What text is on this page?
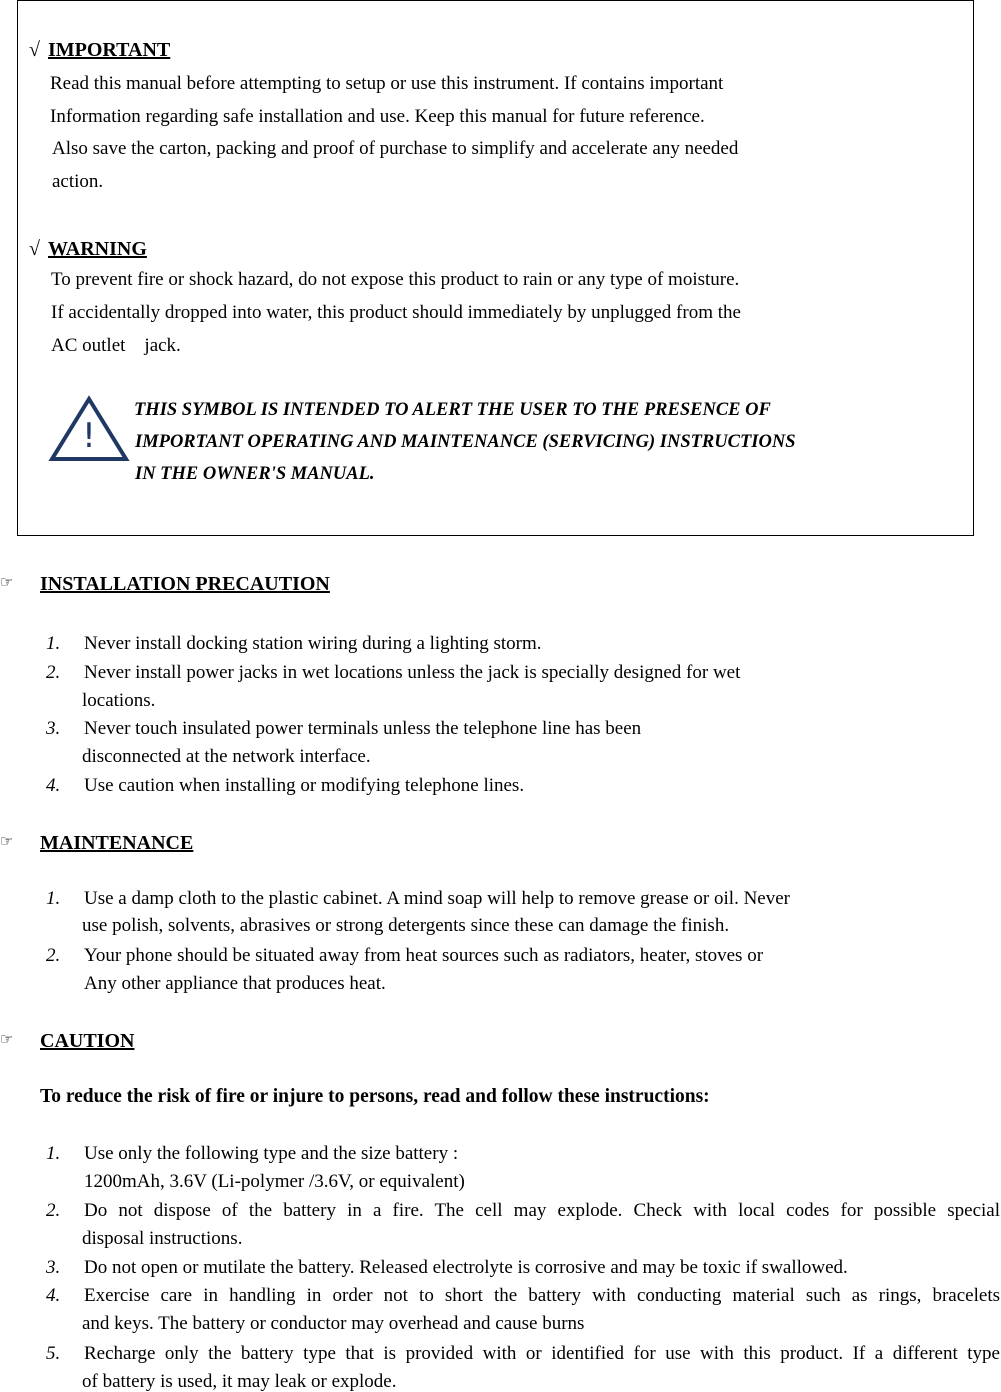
√ IMPORTANT
Read this manual before attempting to setup or use this instrument. If contains important
Information regarding safe installation and use. Keep this manual for future reference.
Also save the carton, packing and proof of purchase to simplify and accelerate any needed
action.
√ WARNING
To prevent fire or shock hazard, do not expose this product to rain or any type of moisture.
If accidentally dropped into water, this product should immediately by unplugged from the
AC outlet    jack.
!
THIS SYMBOL IS INTENDED TO ALERT THE USER TO THE PRESENCE OF
IMPORTANT OPERATING AND MAINTENANCE (SERVICING) INSTRUCTIONS
IN THE OWNER'S MANUAL.
☞ INSTALLATION PRECAUTION
1. Never install docking station wiring during a lighting storm.
2. Never install power jacks in wet locations unless the jack is specially designed for wet
locations.
3. Never touch insulated power terminals unless the telephone line has been
disconnected at the network interface.
4. Use caution when installing or modifying telephone lines.
☞ MAINTENANCE
1. Use a damp cloth to the plastic cabinet. A mind soap will help to remove grease or oil. Never
use polish, solvents, abrasives or strong detergents since these can damage the finish.
2. Your phone should be situated away from heat sources such as radiators, heater, stoves or
Any other appliance that produces heat.
☞ CAUTION
To reduce the risk of fire or injure to persons, read and follow these instructions:
1. Use only the following type and the size battery :
1200mAh, 3.6V (Li-polymer /3.6V, or equivalent)
2. Do not dispose of the battery in a fire. The cell may explode. Check with local codes for possible special
disposal instructions.
3. Do not open or mutilate the battery. Released electrolyte is corrosive and may be toxic if swallowed.
4. Exercise care in handling in order not to short the battery with conducting material such as rings, bracelets
and keys. The battery or conductor may overhead and cause burns
5. Recharge only the battery type that is provided with or identified for use with this product. If a different type
of battery is used, it may leak or explode.
